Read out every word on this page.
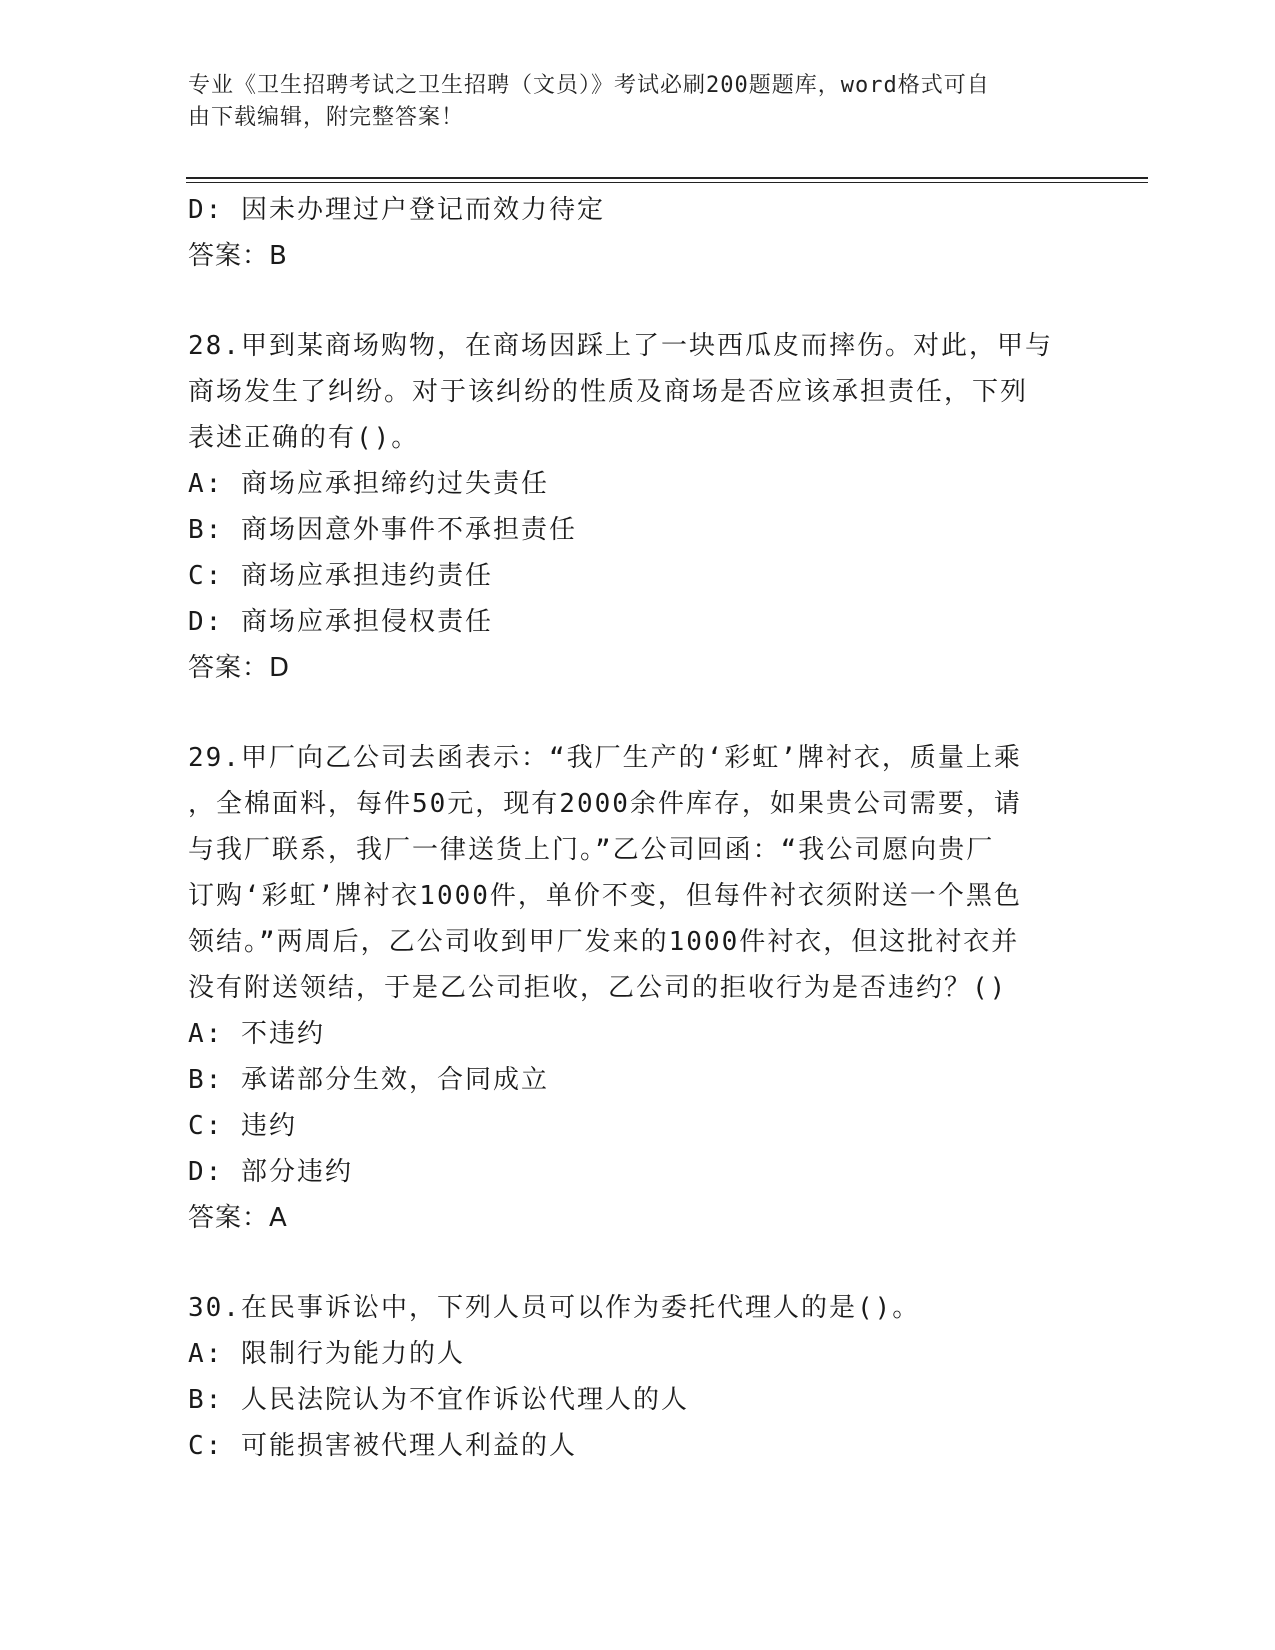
专业《卫生招聘考试之卫生招聘（文员）》考试必刷200题题库，word格式可自
由下载编辑，附完整答案！
D: 因未办理过户登记而效力待定
答案：B
28.甲到某商场购物，在商场因踩上了一块西瓜皮而摔伤。对此，甲与
商场发生了纠纷。对于该纠纷的性质及商场是否应该承担责任，下列
表述正确的有()。
A: 商场应承担缔约过失责任
B: 商场因意外事件不承担责任
C: 商场应承担违约责任
D: 商场应承担侵权责任
答案：D
29.甲厂向乙公司去函表示：“我厂生产的‘彩虹’牌衬衣，质量上乘
，全棉面料，每件50元，现有2000余件库存，如果贵公司需要，请
与我厂联系，我厂一律送货上门。”乙公司回函：“我公司愿向贵厂
订购‘彩虹’牌衬衣1000件，单价不变，但每件衬衣须附送一个黑色
领结。”两周后，乙公司收到甲厂发来的1000件衬衣，但这批衬衣并
没有附送领结，于是乙公司拒收，乙公司的拒收行为是否违约？()
A: 不违约
B: 承诺部分生效，合同成立
C: 违约
D: 部分违约
答案：A
30.在民事诉讼中，下列人员可以作为委托代理人的是()。
A: 限制行为能力的人
B: 人民法院认为不宜作诉讼代理人的人
C: 可能损害被代理人利益的人
